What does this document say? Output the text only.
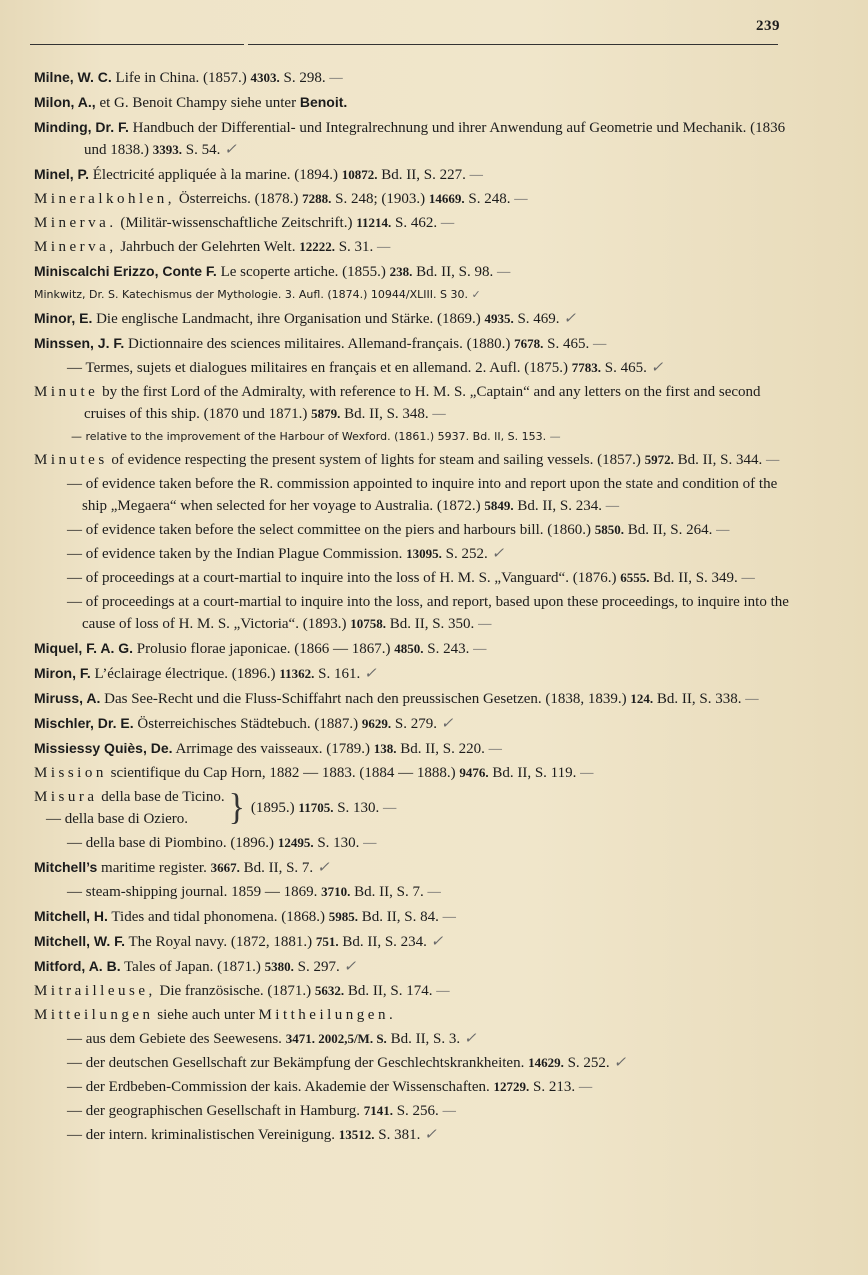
239
Milne, W. C. Life in China. (1857.) 4303. S. 298. —
Milon, A., et G. Benoit Champy siehe unter Benoit.
Minding, Dr. F. Handbuch der Differential- und Integralrechnung und ihrer Anwendung auf Geometrie und Mechanik. (1836 und 1838.) 3393. S. 54. ✓
Minel, P. Électricité appliquée à la marine. (1894.) 10872. Bd. II, S. 227. —
Mineralkohlen, Österreichs. (1878.) 7288. S. 248; (1903.) 14669. S. 248. —
Minerva. (Militär-wissenschaftliche Zeitschrift.) 11214. S. 462. —
Minerva, Jahrbuch der Gelehrten Welt. 12222. S. 31. —
Miniscalchi Erizzo, Conte F. Le scoperte artiche. (1855.) 238. Bd. II, S. 98. —
Minkwitz, Dr. S. Katechismus der Mythologie. 3. Aufl. (1874.) 10944/XLIII. S 30. ✓
Minor, E. Die englische Landmacht, ihre Organisation und Stärke. (1869.) 4935. S. 469. ✓
Minssen, J. F. Dictionnaire des sciences militaires. Allemand-français. (1880.) 7678. S. 465. —
— Termes, sujets et dialogues militaires en français et en allemand. 2. Aufl. (1875.) 7783. S. 465. ✓
Minute by the first Lord of the Admiralty, with reference to H. M. S. „Captain“ and any letters on the first and second cruises of this ship. (1870 und 1871.) 5879. Bd. II, S. 348. —
— relative to the improvement of the Harbour of Wexford. (1861.) 5937. Bd. II, S. 153. —
Minutes of evidence respecting the present system of lights for steam and sailing vessels. (1857.) 5972. Bd. II, S. 344. —
— of evidence taken before the R. commission appointed to inquire into and report upon the state and condition of the ship „Megaera“ when selected for her voyage to Australia. (1872.) 5849. Bd. II, S. 234. —
— of evidence taken before the select committee on the piers and harbours bill. (1860.) 5850. Bd. II, S. 264. —
— of evidence taken by the Indian Plague Commission. 13095. S. 252. ✓
— of proceedings at a court-martial to inquire into the loss of H. M. S. „Vanguard“. (1876.) 6555. Bd. II, S. 349. —
— of proceedings at a court-martial to inquire into the loss, and report, based upon these proceedings, to inquire into the cause of loss of H. M. S. „Victoria“. (1893.) 10758. Bd. II, S. 350. —
Miquel, F. A. G. Prolusio florae japonicae. (1866 — 1867.) 4850. S. 243. —
Miron, F. L’éclairage électrique. (1896.) 11362. S. 161. ✓
Miruss, A. Das See-Recht und die Fluss-Schiffahrt nach den preussischen Gesetzen. (1838, 1839.) 124. Bd. II, S. 338. —
Mischler, Dr. E. Österreichisches Städtebuch. (1887.) 9629. S. 279. ✓
Missiessy Quiès, De. Arrimage des vaisseaux. (1789.) 138. Bd. II, S. 220. —
Mission scientifique du Cap Horn, 1882 — 1883. (1884 — 1888.) 9476. Bd. II, S. 119. —
Misura della base de Ticino.
— della base di Oziero.	} (1895.) 11705. S. 130. —
— della base di Piombino. (1896.) 12495. S. 130. —
Mitchell’s maritime register. 3667. Bd. II, S. 7. ✓
— steam-shipping journal. 1859 — 1869. 3710. Bd. II, S. 7. —
Mitchell, H. Tides and tidal phonomena. (1868.) 5985. Bd. II, S. 84. —
Mitchell, W. F. The Royal navy. (1872, 1881.) 751. Bd. II, S. 234. ✓
Mitford, A. B. Tales of Japan. (1871.) 5380. S. 297. ✓
Mitrailleuse, Die französische. (1871.) 5632. Bd. II, S. 174. —
Mitteilungen siehe auch unter Mittheilungen.
— aus dem Gebiete des Seewesens. 3471. 2002,5/M. S. Bd. II, S. 3. ✓
— der deutschen Gesellschaft zur Bekämpfung der Geschlechtskrankheiten. 14629. S. 252. ✓
— der Erdbeben-Commission der kais. Akademie der Wissenschaften. 12729. S. 213. —
— der geographischen Gesellschaft in Hamburg. 7141. S. 256. —
— der intern. kriminalistischen Vereinigung. 13512. S. 381. ✓
